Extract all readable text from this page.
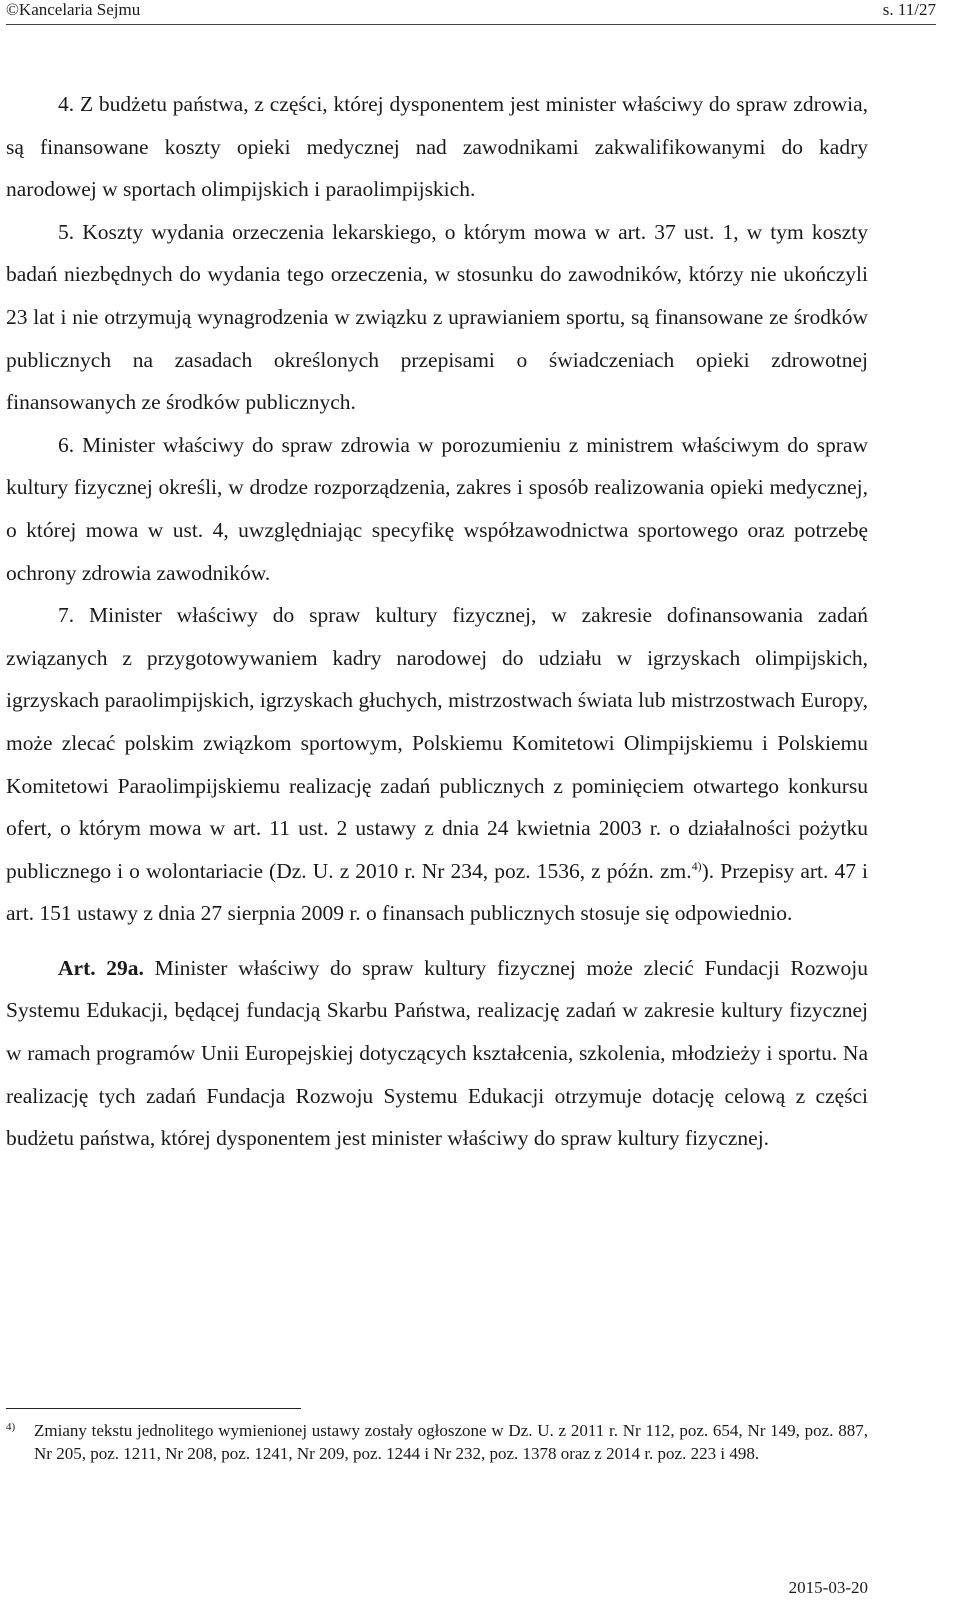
©Kancelaria Sejmu	s. 11/27

4. Z budżetu państwa, z części, której dysponentem jest minister właściwy do spraw zdrowia, są finansowane koszty opieki medycznej nad zawodnikami zakwalifikowanymi do kadry narodowej w sportach olimpijskich i paraolimpijskich.

5. Koszty wydania orzeczenia lekarskiego, o którym mowa w art. 37 ust. 1, w tym koszty badań niezbędnych do wydania tego orzeczenia, w stosunku do zawodników, którzy nie ukończyli 23 lat i nie otrzymują wynagrodzenia w związku z uprawianiem sportu, są finansowane ze środków publicznych na zasadach określonych przepisami o świadczeniach opieki zdrowotnej finansowanych ze środków publicznych.

6. Minister właściwy do spraw zdrowia w porozumieniu z ministrem właściwym do spraw kultury fizycznej określi, w drodze rozporządzenia, zakres i sposób realizowania opieki medycznej, o której mowa w ust. 4, uwzględniając specyfikę współzawodnictwa sportowego oraz potrzebę ochrony zdrowia zawodników.

7. Minister właściwy do spraw kultury fizycznej, w zakresie dofinansowania zadań związanych z przygotowywaniem kadry narodowej do udziału w igrzyskach olimpijskich, igrzyskach paraolimpijskich, igrzyskach głuchych, mistrzostwach świata lub mistrzostwach Europy, może zlecać polskim związkom sportowym, Polskiemu Komitetowi Olimpijskiemu i Polskiemu Komitetowi Paraolimpijskiemu realizację zadań publicznych z pominięciem otwartego konkursu ofert, o którym mowa w art. 11 ust. 2 ustawy z dnia 24 kwietnia 2003 r. o działalności pożytku publicznego i o wolontariacie (Dz. U. z 2010 r. Nr 234, poz. 1536, z późn. zm.$^{4)}$). Przepisy art. 47 i art. 151 ustawy z dnia 27 sierpnia 2009 r. o finansach publicznych stosuje się odpowiednio.

Art. 29a. Minister właściwy do spraw kultury fizycznej może zlecić Fundacji Rozwoju Systemu Edukacji, będącej fundacją Skarbu Państwa, realizację zadań w zakresie kultury fizycznej w ramach programów Unii Europejskiej dotyczących kształcenia, szkolenia, młodzieży i sportu. Na realizację tych zadań Fundacja Rozwoju Systemu Edukacji otrzymuje dotację celową z części budżetu państwa, której dysponentem jest minister właściwy do spraw kultury fizycznej.

4) Zmiany tekstu jednolitego wymienionej ustawy zostały ogłoszone w Dz. U. z 2011 r. Nr 112, poz. 654, Nr 149, poz. 887, Nr 205, poz. 1211, Nr 208, poz. 1241, Nr 209, poz. 1244 i Nr 232, poz. 1378 oraz z 2014 r. poz. 223 i 498.
2015-03-20
